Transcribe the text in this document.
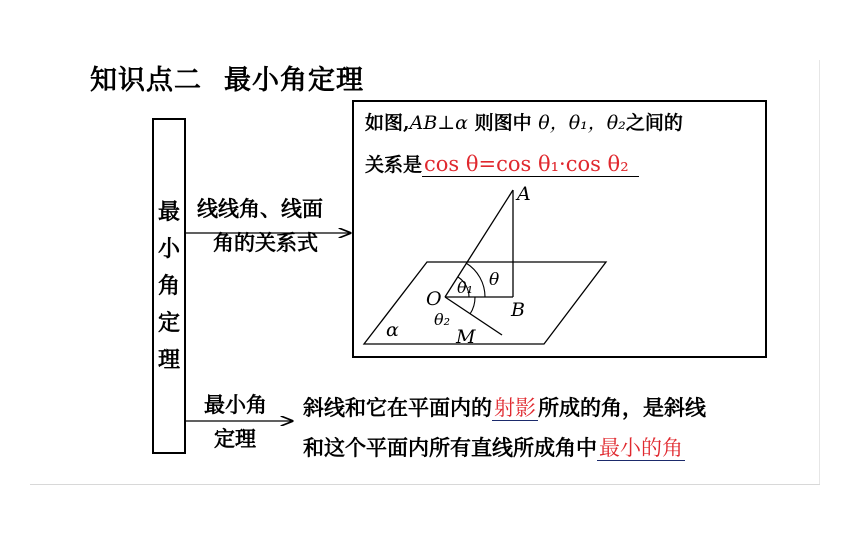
知识点二 最小角定理
最
小
角
定
理
线线角、线面
角的关系式
最小角
定理
如图,AB⊥α 则图中 θ，θ₁，θ₂之间的
关系是cos θ=cos θ₁·cos θ₂
A
B
O
M
θ
θ₁
θ₂
α
斜线和它在平面内的射影所成的角，是斜线
和这个平面内所有直线所成角中最小的角
